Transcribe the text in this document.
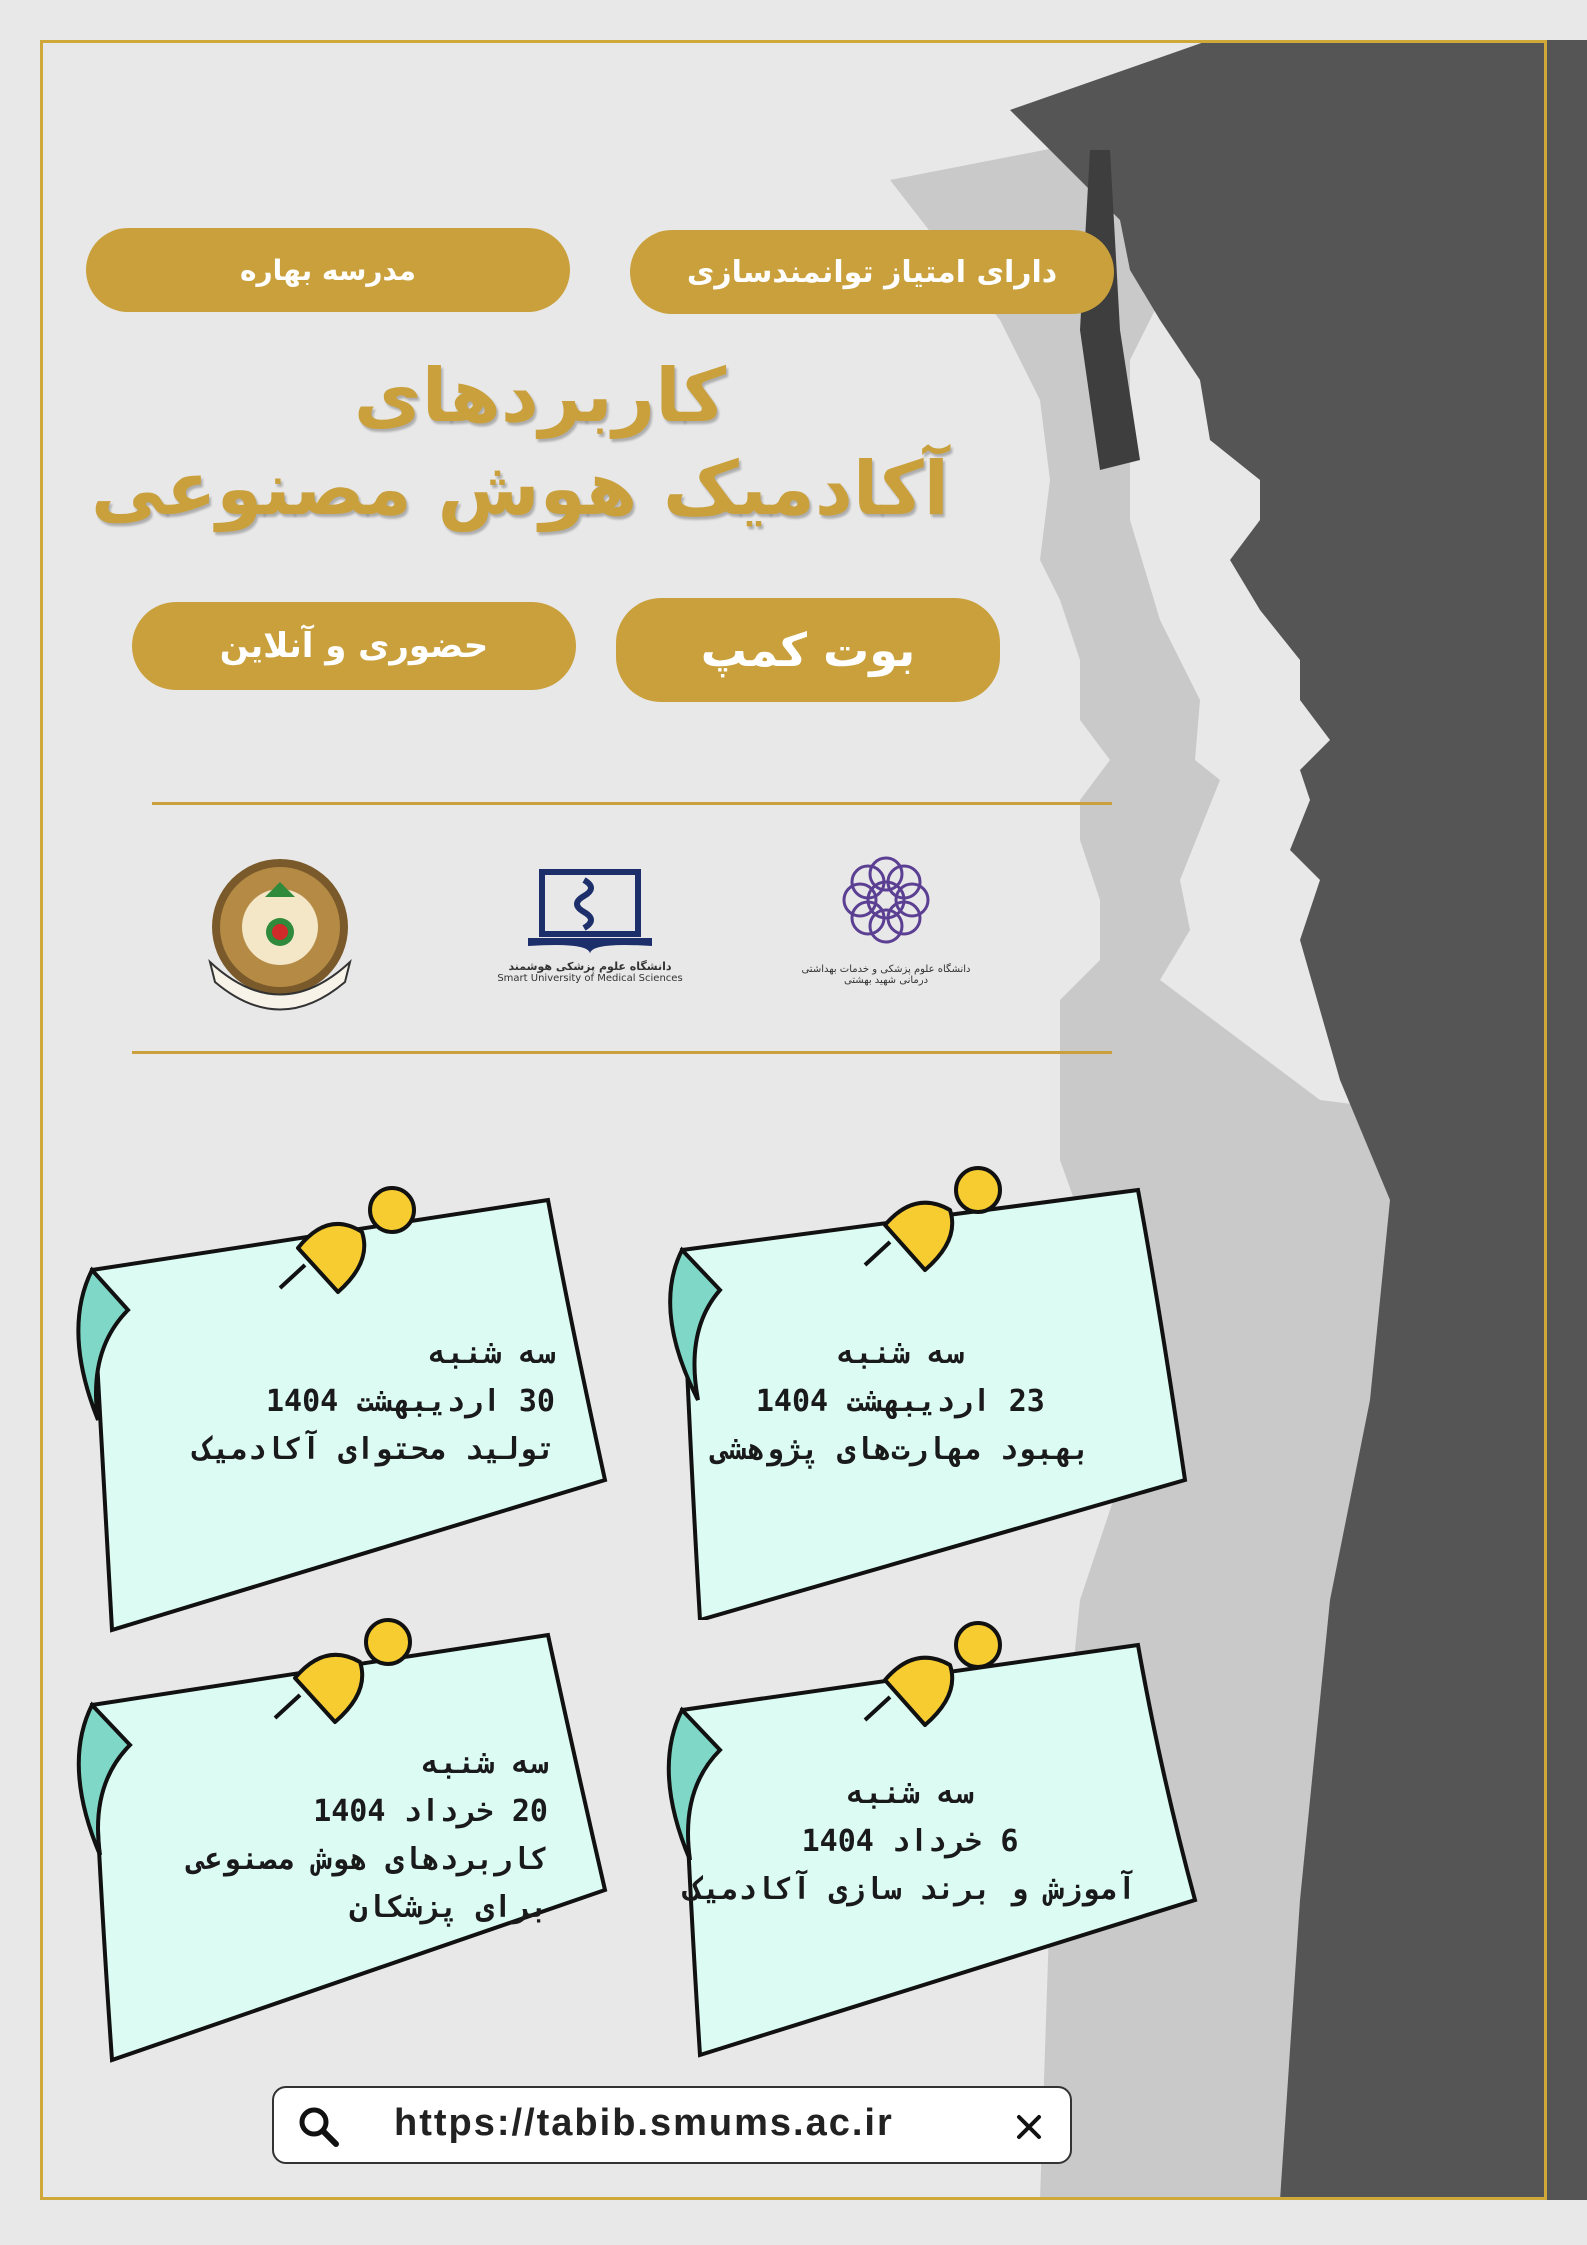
مدرسه بهاره	دارای امتیاز توانمندسازی
کاربردهای
آکادمیک هوش مصنوعی
حضوری و آنلاین	بوت کمپ
دانشگاه علوم پزشکی هوشمند
Smart University of Medical Sciences
دانشگاه علوم پزشکی و خدمات بهداشتی درمانی شهید بهشتی
سه شنبه
23 اردیبهشت 1404
بهبود مهارت‌های پژوهشی
سه شنبه
30 اردیبهشت 1404
تولید محتوای آکادمیک
سه شنبه
6 خرداد 1404
آموزش و برند سازی آکادمیک
سه شنبه
20 خرداد 1404
کاربردهای هوش مصنوعی
برای پزشکان
https://tabib.smums.ac.ir
